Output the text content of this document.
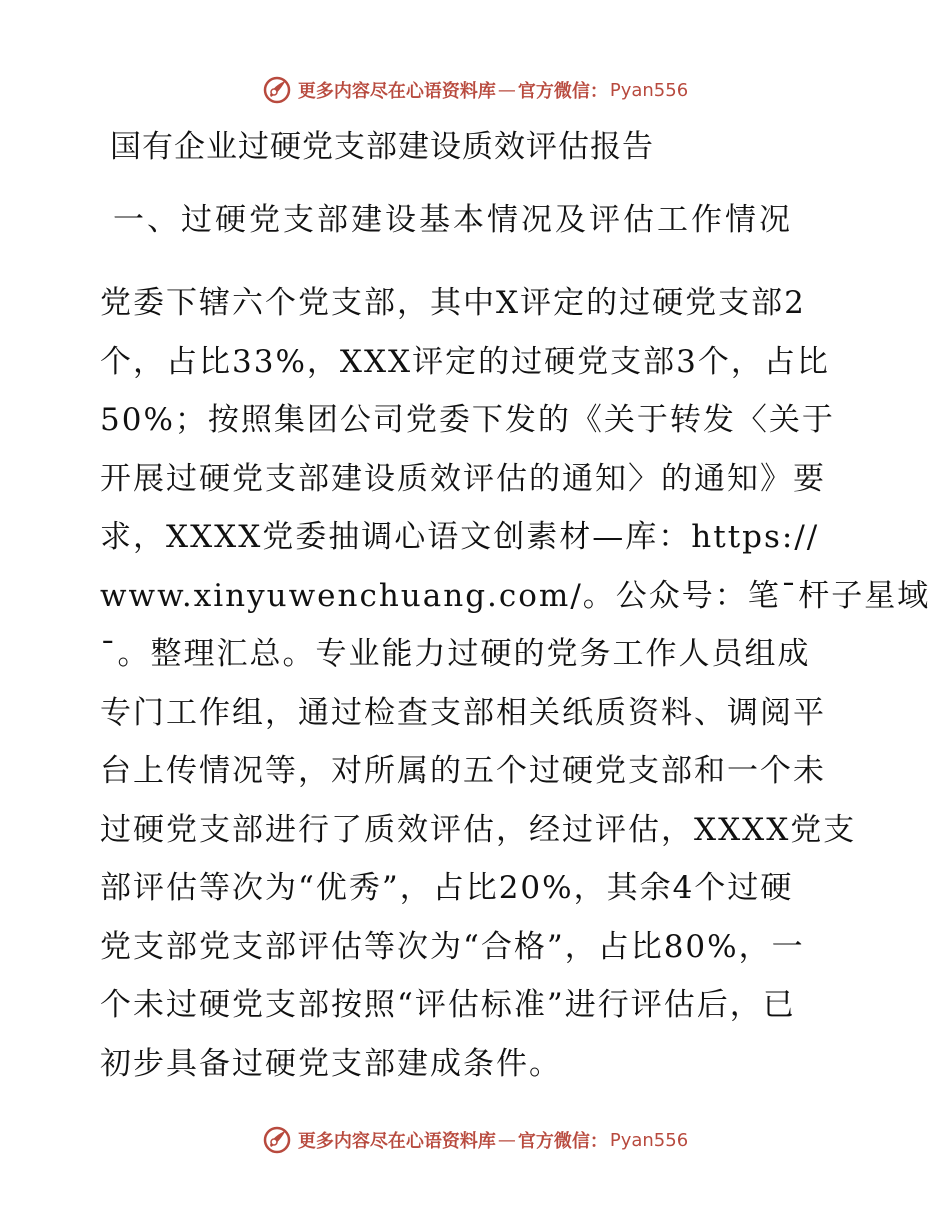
更多内容尽在心语资料库 — 官方微信： Pyan556
国有企业过硬党支部建设质效评估报告
一、过硬党支部建设基本情况及评估工作情况
党委下辖六个党支部，其中X评定的过硬党支部2
个，占比33%，XXX评定的过硬党支部3个，占比
50%；按照集团公司党委下发的《关于转发〈关于
开展过硬党支部建设质效评估的通知〉的通知》要
求，XXXX党委抽调心语文创素材—库：https://
www.xinyuwenchuang.com/。公众号：笔¯杆子星域
¯。整理汇总。专业能力过硬的党务工作人员组成
专门工作组，通过检查支部相关纸质资料、调阅平
台上传情况等，对所属的五个过硬党支部和一个未
过硬党支部进行了质效评估，经过评估，XXXX党支
部评估等次为“优秀”，占比20%，其余4个过硬
党支部党支部评估等次为“合格”，占比80%，一
个未过硬党支部按照“评估标准”进行评估后，已
初步具备过硬党支部建成条件。
更多内容尽在心语资料库 — 官方微信： Pyan556
